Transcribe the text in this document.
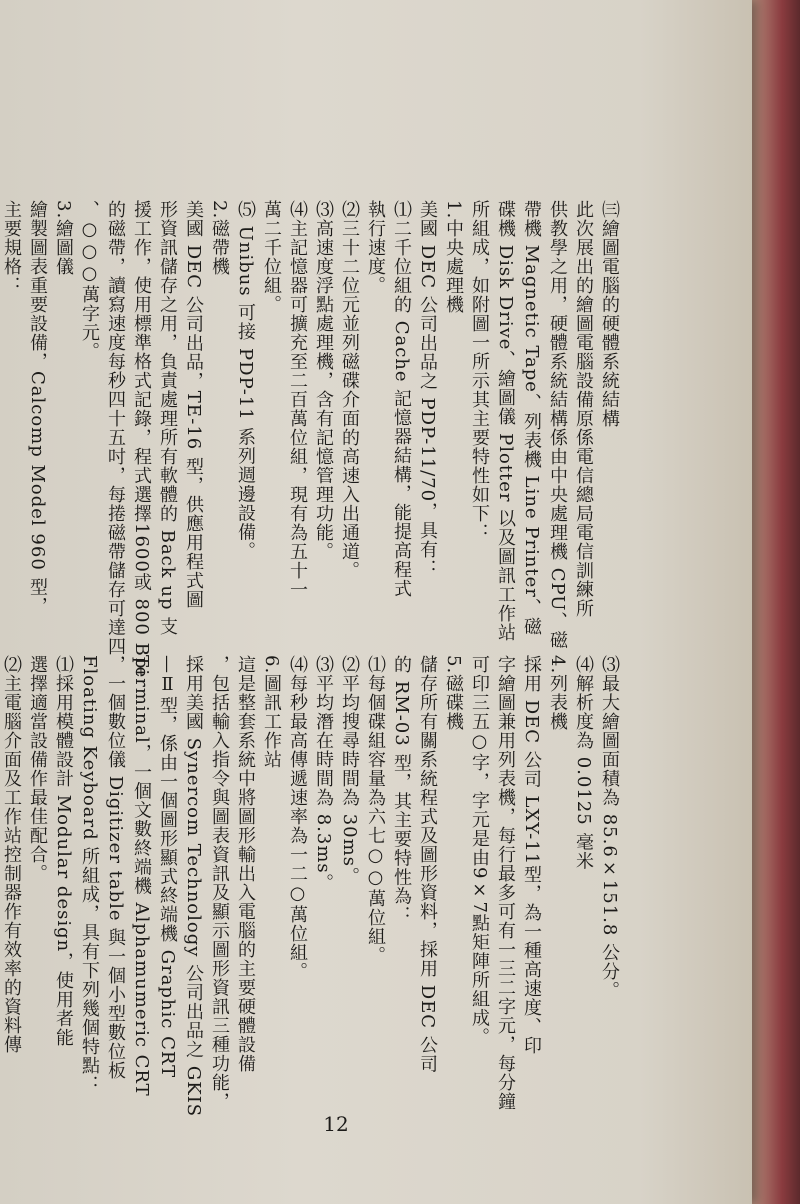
㈢繪圖電腦的硬體系統結構
此次展出的繪圖電腦設備原係電信總局電信訓練所
供教學之用，硬體系統結構係由中央處理機 CPU、磁
帶機 Magnetic Tape、列表機 Line Printer、磁
碟機 Disk Drive、繪圖儀 Plotter 以及圖訊工作站
所組成，如附圖一所示其主要特性如下：
1.中央處理機
美國 DEC 公司出品之 PDP-11/70，具有：
⑴二千位組的 Cache 記憶器結構，能提高程式
執行速度。
⑵三十二位元並列磁碟介面的高速入出通道。
⑶高速度浮點處理機，含有記憶管理功能。
⑷主記憶器可擴充至二百萬位組，現有為五十一
萬二千位組。
⑸ Unibus 可接 PDP-11 系列週邊設備。
2.磁帶機
美國 DEC 公司出品，TE-16 型，供應用程式圖
形資訊儲存之用，負責處理所有軟體的 Back up 支
援工作，使用標準格式記錄，程式選擇1600或 800 Bpi
的磁帶，讀寫速度每秒四十五吋，每捲磁帶儲存可達四
、○○○萬字元。
3.繪圖儀
繪製圖表重要設備，Calcomp Model 960 型，
主要規格：
⑶最大繪圖面積為 85.6×151.8 公分。
⑷解析度為 0.0125 毫米
4.列表機
採用 DEC 公司 LXY-11型，為一種高速度、印
字繪圖兼用列表機，每行最多可有一三二字元，每分鐘
可印三五○字，字元是由9×7點矩陣所組成。
5.磁碟機
儲存所有關系統程式及圖形資料，採用 DEC 公司
的 RM-03 型，其主要特性為：
⑴每個碟組容量為六七○○萬位組。
⑵平均搜尋時間為 30ms。
⑶平均潛在時間為 8.3ms。
⑷每秒最高傳遞速率為一二○萬位組。
6.圖訊工作站
這是整套系統中將圖形輸出入電腦的主要硬體設備
，包括輸入指令與圖表資訊及顯示圖形資訊三種功能，
採用美國 Synercom Technology 公司出品之 GKIS
—Ⅱ型，係由一個圖形顯式終端機 Graphic CRT
Terminal，一個文數終端機 Alphamumeric CRT
，一個數位儀 Digitizer table 與一個小型數位板
Floating Keyboard 所組成，具有下列幾個特點：
⑴採用模體設計 Modular design，使用者能
選擇適當設備作最佳配合。
⑵主電腦介面及工作站控制器作有效率的資料傳
12
